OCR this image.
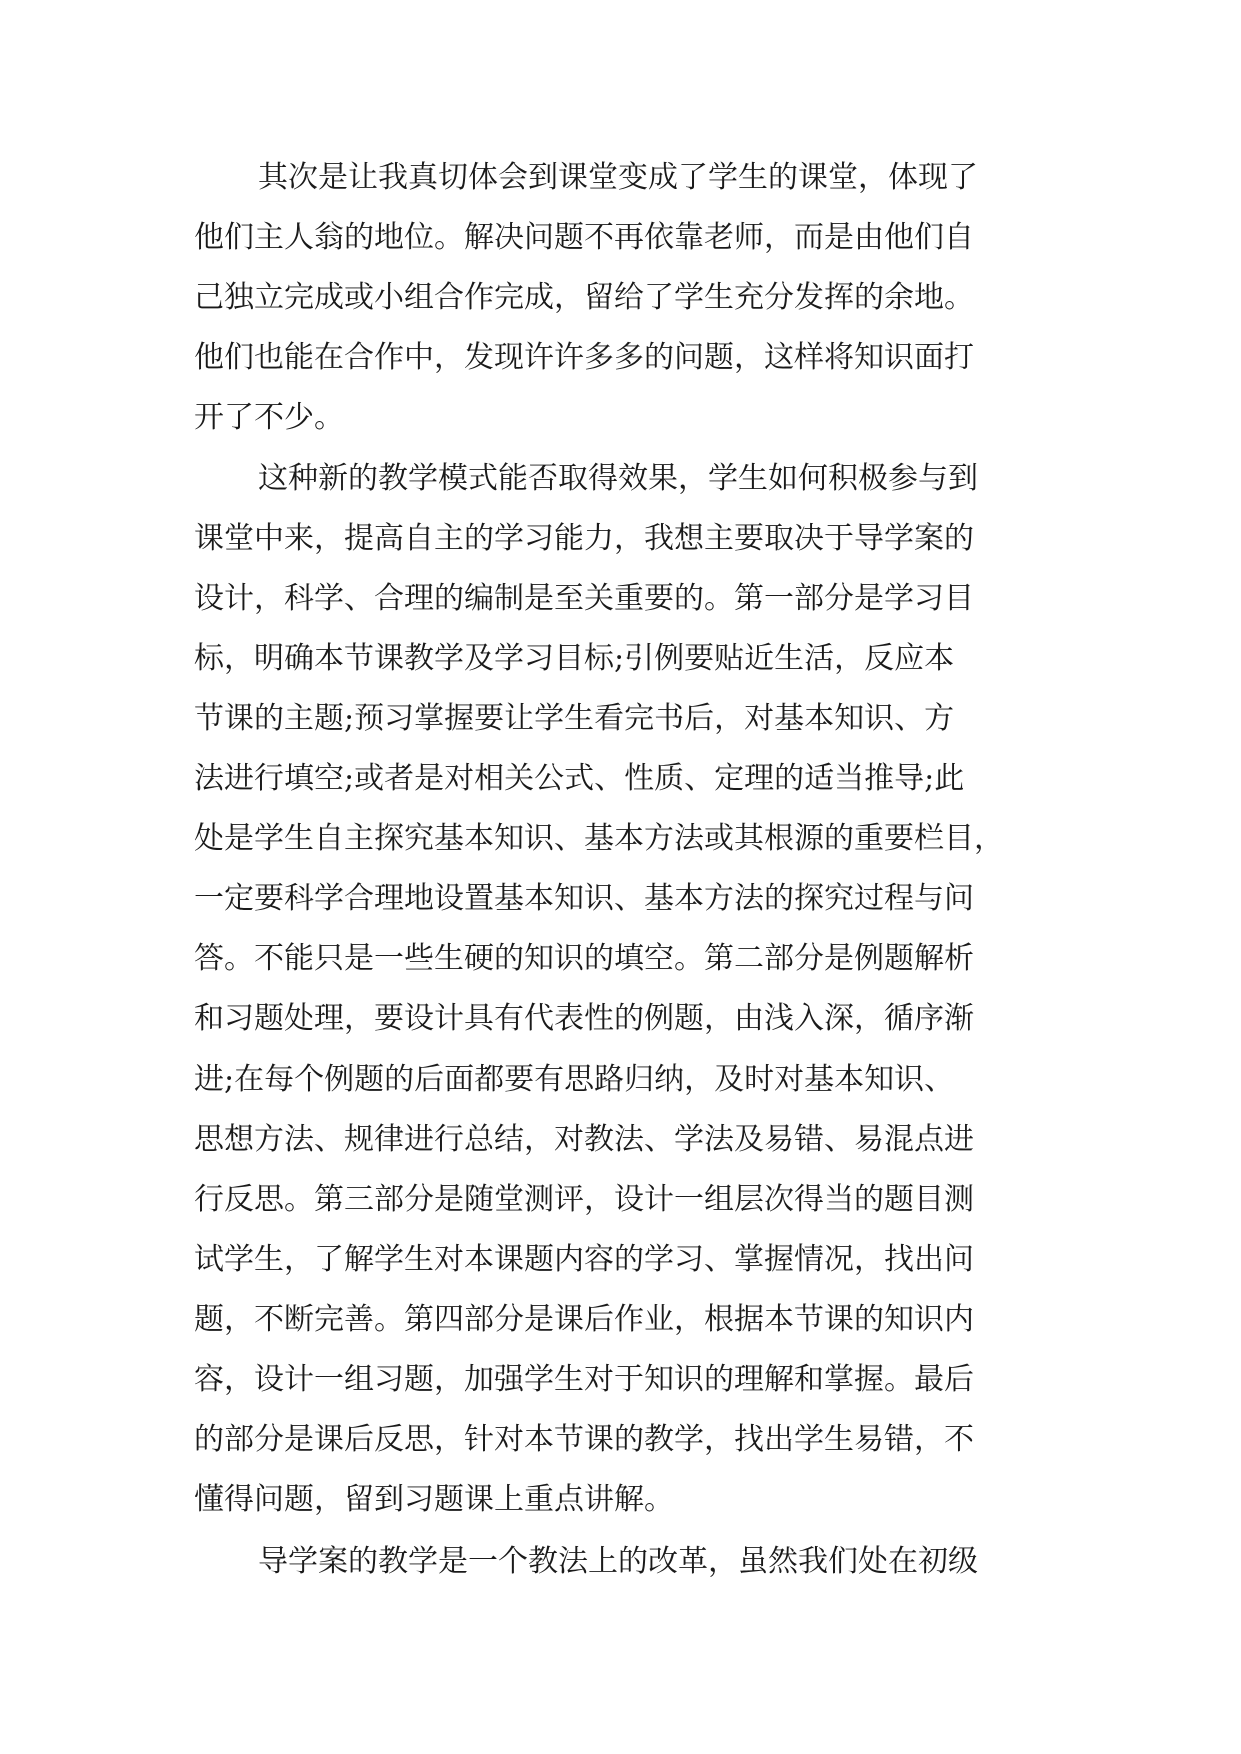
其次是让我真切体会到课堂变成了学生的课堂，体现了
他们主人翁的地位。解决问题不再依靠老师，而是由他们自
己独立完成或小组合作完成，留给了学生充分发挥的余地。
他们也能在合作中，发现许许多多的问题，这样将知识面打
开了不少。
这种新的教学模式能否取得效果，学生如何积极参与到
课堂中来，提高自主的学习能力，我想主要取决于导学案的
设计，科学、合理的编制是至关重要的。第一部分是学习目
标，明确本节课教学及学习目标;引例要贴近生活，反应本
节课的主题;预习掌握要让学生看完书后，对基本知识、方
法进行填空;或者是对相关公式、性质、定理的适当推导;此
处是学生自主探究基本知识、基本方法或其根源的重要栏目，
一定要科学合理地设置基本知识、基本方法的探究过程与问
答。不能只是一些生硬的知识的填空。第二部分是例题解析
和习题处理，要设计具有代表性的例题，由浅入深，循序渐
进;在每个例题的后面都要有思路归纳，及时对基本知识、
思想方法、规律进行总结，对教法、学法及易错、易混点进
行反思。第三部分是随堂测评，设计一组层次得当的题目测
试学生，了解学生对本课题内容的学习、掌握情况，找出问
题，不断完善。第四部分是课后作业，根据本节课的知识内
容，设计一组习题，加强学生对于知识的理解和掌握。最后
的部分是课后反思，针对本节课的教学，找出学生易错，不
懂得问题，留到习题课上重点讲解。
导学案的教学是一个教法上的改革，虽然我们处在初级
